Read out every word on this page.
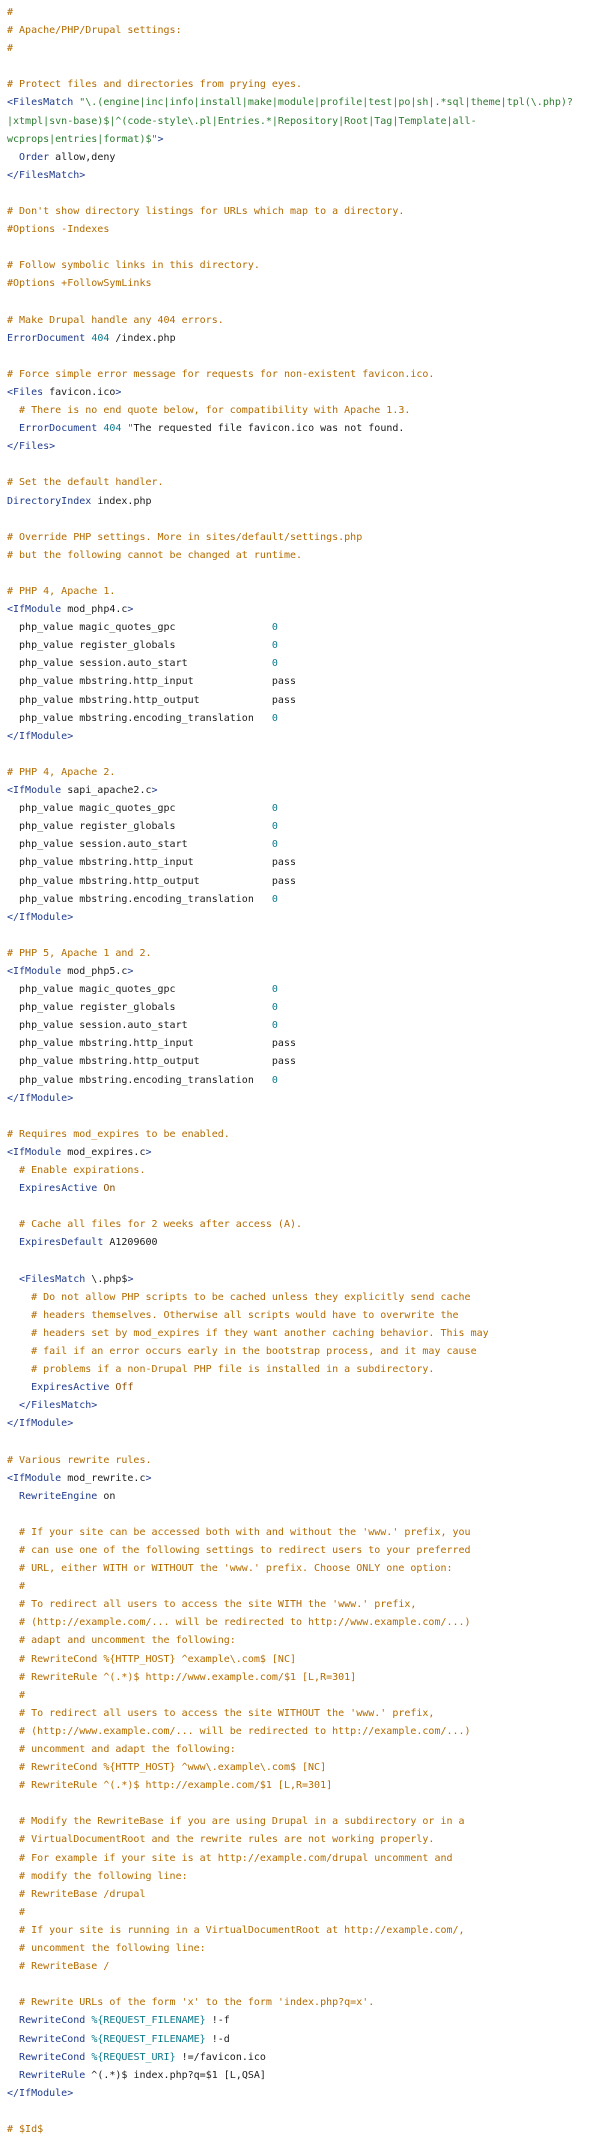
#
# Apache/PHP/Drupal settings:
#

# Protect files and directories from prying eyes.
<FilesMatch "\.(engine|inc|info|install|make|module|profile|test|po|sh|.*sql|theme|tpl(\.php)?
|xtmpl|svn-base)$|^(code-style\.pl|Entries.*|Repository|Root|Tag|Template|all-
wcprops|entries|format)$">
Order allow,deny
</FilesMatch>

# Don't show directory listings for URLs which map to a directory.
#Options -Indexes

# Follow symbolic links in this directory.
#Options +FollowSymLinks

# Make Drupal handle any 404 errors.
ErrorDocument 404 /index.php

# Force simple error message for requests for non-existent favicon.ico.
<Files favicon.ico>
# There is no end quote below, for compatibility with Apache 1.3.
ErrorDocument 404 "The requested file favicon.ico was not found.
</Files>

# Set the default handler.
DirectoryIndex index.php

# Override PHP settings. More in sites/default/settings.php
# but the following cannot be changed at runtime.

# PHP 4, Apache 1.
<IfModule mod_php4.c>
php_value magic_quotes_gpc                0
php_value register_globals                0
php_value session.auto_start              0
php_value mbstring.http_input             pass
php_value mbstring.http_output            pass
php_value mbstring.encoding_translation   0
</IfModule>

# PHP 4, Apache 2.
<IfModule sapi_apache2.c>
php_value magic_quotes_gpc                0
php_value register_globals                0
php_value session.auto_start              0
php_value mbstring.http_input             pass
php_value mbstring.http_output            pass
php_value mbstring.encoding_translation   0
</IfModule>

# PHP 5, Apache 1 and 2.
<IfModule mod_php5.c>
php_value magic_quotes_gpc                0
php_value register_globals                0
php_value session.auto_start              0
php_value mbstring.http_input             pass
php_value mbstring.http_output            pass
php_value mbstring.encoding_translation   0
</IfModule>

# Requires mod_expires to be enabled.
<IfModule mod_expires.c>
# Enable expirations.
ExpiresActive On

# Cache all files for 2 weeks after access (A).
ExpiresDefault A1209600

<FilesMatch \.php$>
# Do not allow PHP scripts to be cached unless they explicitly send cache
# headers themselves. Otherwise all scripts would have to overwrite the
# headers set by mod_expires if they want another caching behavior. This may
# fail if an error occurs early in the bootstrap process, and it may cause
# problems if a non-Drupal PHP file is installed in a subdirectory.
ExpiresActive Off
</FilesMatch>
</IfModule>

# Various rewrite rules.
<IfModule mod_rewrite.c>
RewriteEngine on

# If your site can be accessed both with and without the 'www.' prefix, you
# can use one of the following settings to redirect users to your preferred
# URL, either WITH or WITHOUT the 'www.' prefix. Choose ONLY one option:
#
# To redirect all users to access the site WITH the 'www.' prefix,
# (http://example.com/... will be redirected to http://www.example.com/...)
# adapt and uncomment the following:
# RewriteCond %{HTTP_HOST} ^example\.com$ [NC]
# RewriteRule ^(.*)$ http://www.example.com/$1 [L,R=301]
#
# To redirect all users to access the site WITHOUT the 'www.' prefix,
# (http://www.example.com/... will be redirected to http://example.com/...)
# uncomment and adapt the following:
# RewriteCond %{HTTP_HOST} ^www\.example\.com$ [NC]
# RewriteRule ^(.*)$ http://example.com/$1 [L,R=301]

# Modify the RewriteBase if you are using Drupal in a subdirectory or in a
# VirtualDocumentRoot and the rewrite rules are not working properly.
# For example if your site is at http://example.com/drupal uncomment and
# modify the following line:
# RewriteBase /drupal
#
# If your site is running in a VirtualDocumentRoot at http://example.com/,
# uncomment the following line:
# RewriteBase /

# Rewrite URLs of the form 'x' to the form 'index.php?q=x'.
RewriteCond %{REQUEST_FILENAME} !-f
RewriteCond %{REQUEST_FILENAME} !-d
RewriteCond %{REQUEST_URI} !=/favicon.ico
RewriteRule ^(.*)$ index.php?q=$1 [L,QSA]
</IfModule>

# $Id$
